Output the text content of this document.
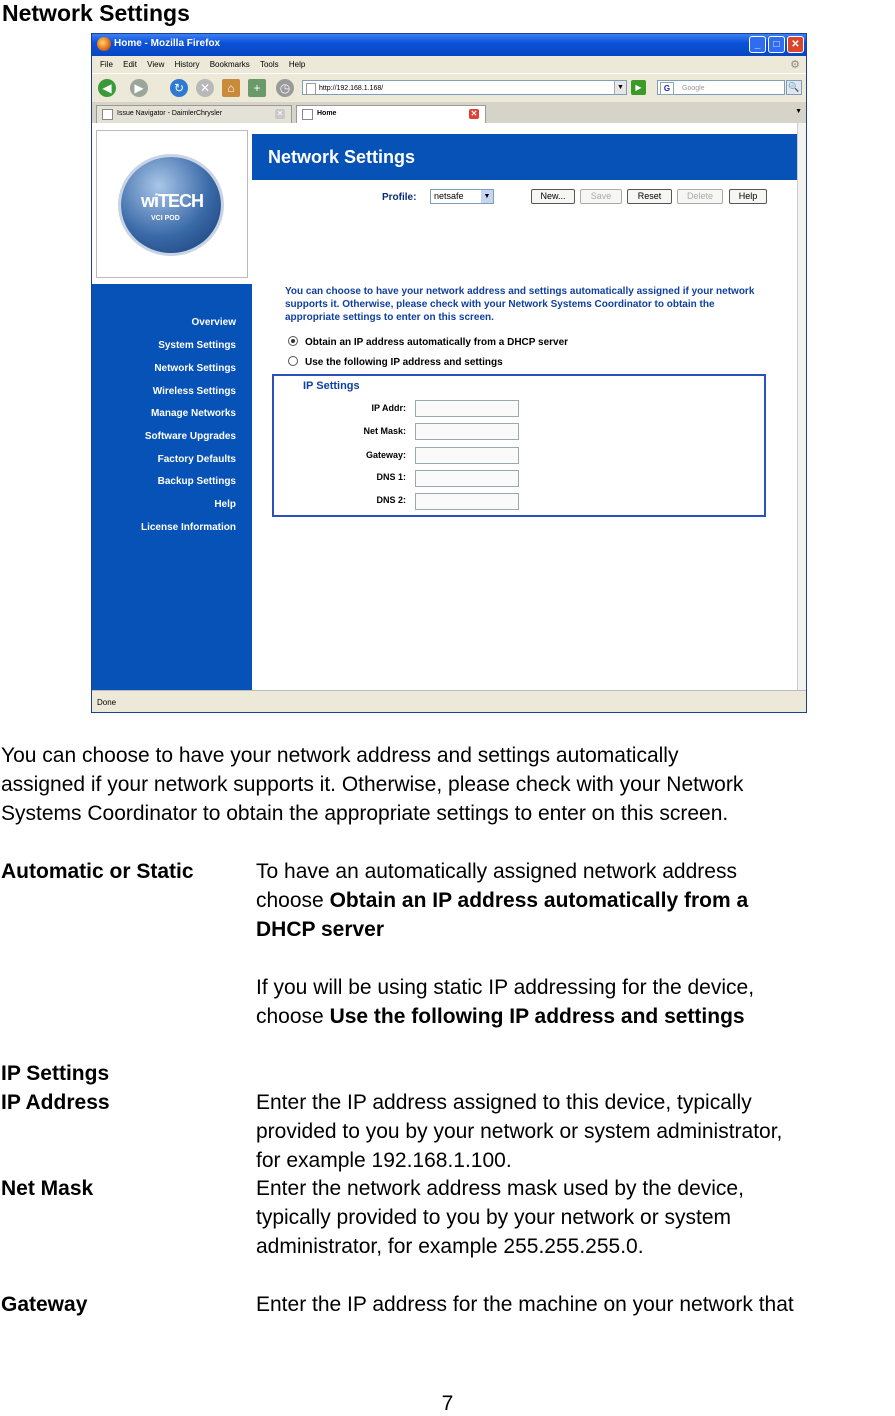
Network Settings
Home - Mozilla Firefox	_	□	✕
File Edit View History Bookmarks Tools Help	⚙
◀	▶	↻	✕	⌂	+	◷	http://192.168.1.168/	▼	▶	G	Google	🔍
Issue Navigator - DaimlerChrysler	✕	Home	✕	▼
wiTECH
VCI POD
Overview
System Settings
Network Settings
Wireless Settings
Manage Networks
Software Upgrades
Factory Defaults
Backup Settings
Help
License Information
Network Settings
Profile:	netsafe	▼	New...	Save	Reset	Delete	Help
You can choose to have your network address and settings automatically assigned if your network supports it. Otherwise, please check with your Network Systems Coordinator to obtain the appropriate settings to enter on this screen.
Obtain an IP address automatically from a DHCP server
Use the following IP address and settings
IP Settings
IP Addr:
Net Mask:
Gateway:
DNS 1:
DNS 2:
Done
You can choose to have your network address and settings automatically
assigned if your network supports it. Otherwise, please check with your Network
Systems Coordinator to obtain the appropriate settings to enter on this screen.
Automatic or Static	To have an automatically assigned network address
choose Obtain an IP address automatically from a
DHCP server
If you will be using static IP addressing for the device,
choose Use the following IP address and settings
IP Settings
IP Address	Enter the IP address assigned to this device, typically
provided to you by your network or system administrator,
for example 192.168.1.100.
Net Mask	Enter the network address mask used by the device,
typically provided to you by your network or system
administrator, for example 255.255.255.0.
Gateway	Enter the IP address for the machine on your network that
7
